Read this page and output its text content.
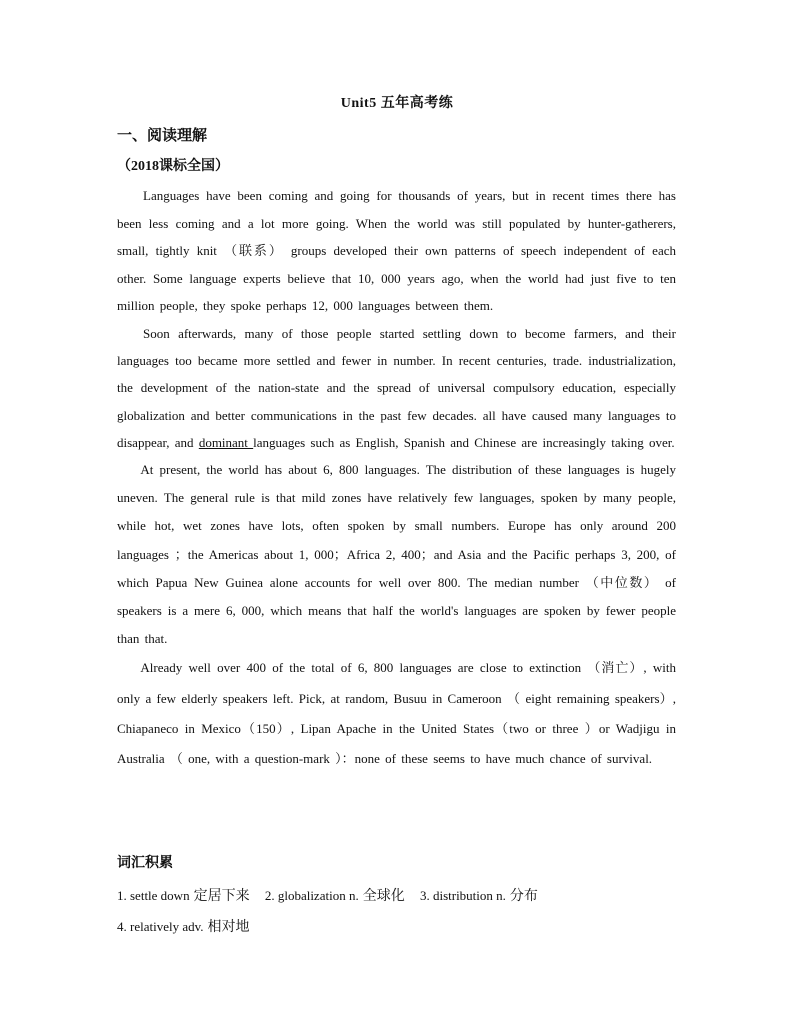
Unit5 五年高考练
一、阅读理解
（2018课标全国）

Languages have been coming and going for thousands of years, but in recent times there has been less coming and a lot more going. When the world was still populated by hunter-gatherers, small, tightly knit （联系） groups developed their own patterns of speech independent of each other. Some language experts believe that 10, 000 years ago, when the world had just five to ten million people, they spoke perhaps 12, 000 languages between them.

Soon afterwards, many of those people started settling down to become farmers, and their languages too became more settled and fewer in number. In recent centuries, trade. industrialization, the development of the nation-state and the spread of universal compulsory education, especially globalization and better communications in the past few decades. all have caused many languages to disappear, and dominant languages such as English, Spanish and Chinese are increasingly taking over.

At present, the world has about 6, 800 languages. The distribution of these languages is hugely uneven. The general rule is that mild zones have relatively few languages, spoken by many people, while hot, wet zones have lots, often spoken by small numbers. Europe has only around 200 languages ；the Americas about 1, 000；Africa 2, 400；and Asia and the Pacific perhaps 3, 200, of which Papua New Guinea alone accounts for well over 800. The median number （中位数） of speakers is a mere 6, 000, which means that half the world's languages are spoken by fewer people than that.

Already well over 400 of the total of 6, 800 languages are close to extinction （消亡）, with only a few elderly speakers left. Pick, at random, Busuu in Cameroon （ eight remaining speakers）, Chiapaneco in Mexico（150）, Lipan Apache in the United States（two or three ）or Wadjigu in Australia （ one, with a question-mark ）：none of these seems to have much chance of survival.

词汇积累
1. settle down 定居下来 2. globalization n. 全球化 3. distribution n. 分布
4. relatively adv. 相对地
